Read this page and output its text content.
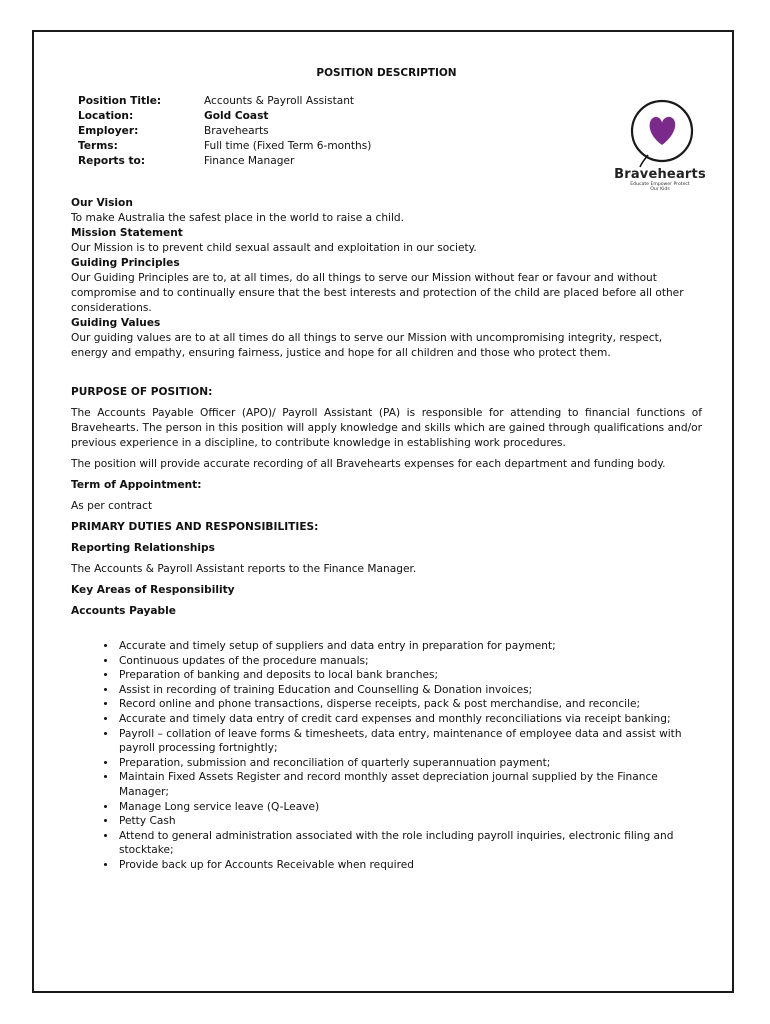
POSITION DESCRIPTION

Position Title:	Accounts & Payroll Assistant
Location:	Gold Coast
Employer:	Bravehearts
Terms:	Full time (Fixed Term 6-months)
Reports to:	Finance Manager
Bravehearts
Educate Empower Protect
Our Kids

Our Vision

To make Australia the safest place in the world to raise a child.

Mission Statement

Our Mission is to prevent child sexual assault and exploitation in our society.

Guiding Principles

Our Guiding Principles are to, at all times, do all things to serve our Mission without fear or favour and without compromise and to continually ensure that the best interests and protection of the child are placed before all other considerations.

Guiding Values

Our guiding values are to at all times do all things to serve our Mission with uncompromising integrity, respect, energy and empathy, ensuring fairness, justice and hope for all children and those who protect them.

PURPOSE OF POSITION:

The Accounts Payable Officer (APO)/ Payroll Assistant (PA) is responsible for attending to financial functions of Bravehearts. The person in this position will apply knowledge and skills which are gained through qualifications and/or previous experience in a discipline, to contribute knowledge in establishing work procedures.

The position will provide accurate recording of all Bravehearts expenses for each department and funding body.

Term of Appointment:

As per contract

PRIMARY DUTIES AND RESPONSIBILITIES:

Reporting Relationships

The Accounts & Payroll Assistant reports to the Finance Manager.

Key Areas of Responsibility

Accounts Payable

• Accurate and timely setup of suppliers and data entry in preparation for payment;
• Continuous updates of the procedure manuals;
• Preparation of banking and deposits to local bank branches;
• Assist in recording of training Education and Counselling & Donation invoices;
• Record online and phone transactions, disperse receipts, pack & post merchandise, and reconcile;
• Accurate and timely data entry of credit card expenses and monthly reconciliations via receipt banking;
• Payroll – collation of leave forms & timesheets, data entry, maintenance of employee data and assist with payroll processing fortnightly;
• Preparation, submission and reconciliation of quarterly superannuation payment;
• Maintain Fixed Assets Register and record monthly asset depreciation journal supplied by the Finance Manager;
• Manage Long service leave (Q-Leave)
• Petty Cash
• Attend to general administration associated with the role including payroll inquiries, electronic filing and stocktake;
• Provide back up for Accounts Receivable when required
